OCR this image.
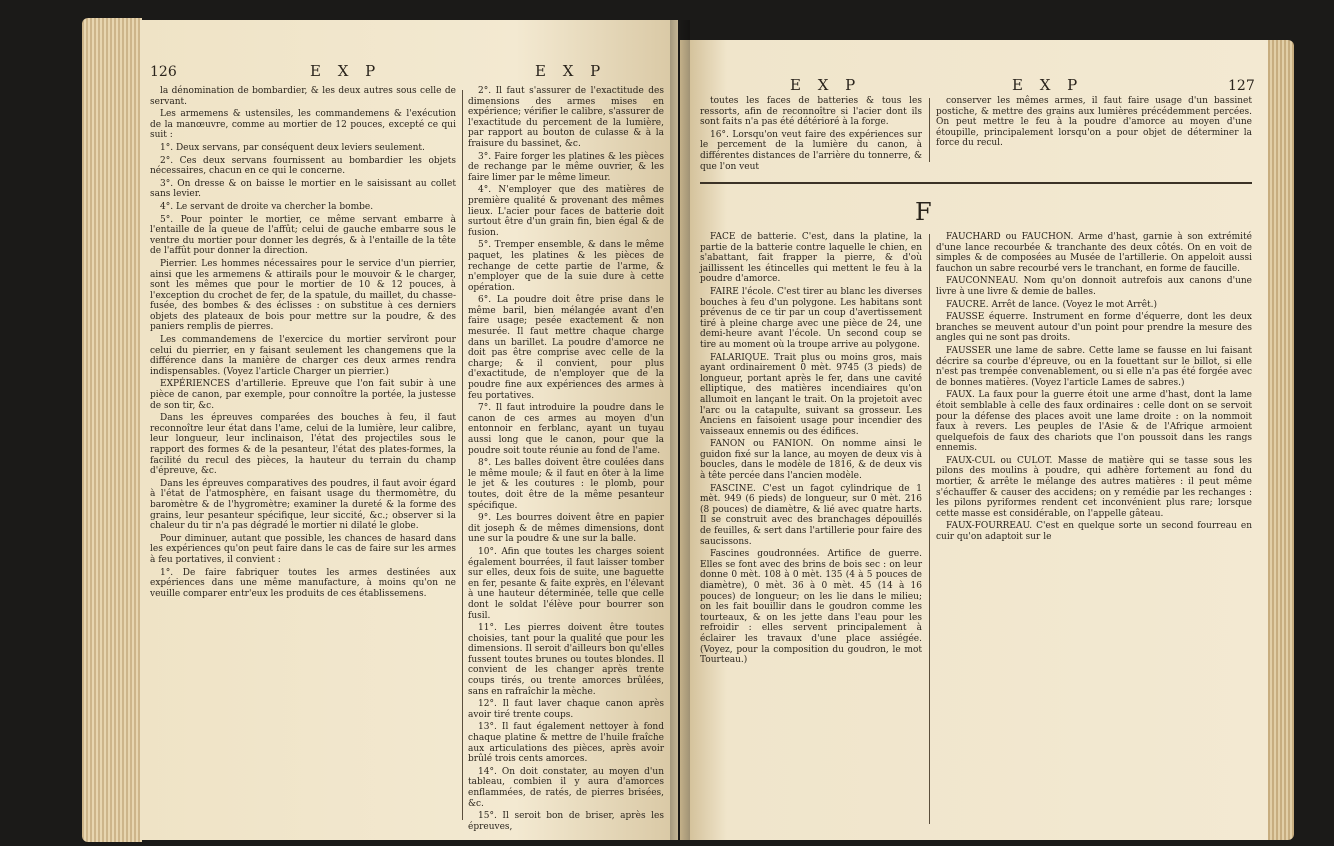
126	E X P	E X P

la dénomination de bombardier, & les deux autres sous celle de servant.

Les armemens & ustensiles, les commandemens & l'exécution de la manœuvre, comme au mortier de 12 pouces, excepté ce qui suit :

1°. Deux servans, par conséquent deux leviers seulement.

2°. Ces deux servans fournissent au bombardier les objets nécessaires, chacun en ce qui le concerne.

3°. On dresse & on baisse le mortier en le saisissant au collet sans levier.

4°. Le servant de droite va chercher la bombe.

5°. Pour pointer le mortier, ce même servant embarre à l'entaille de la queue de l'affût; celui de gauche embarre sous le ventre du mortier pour donner les degrés, & à l'entaille de la tête de l'affût pour donner la direction.

Pierrier. Les hommes nécessaires pour le service d'un pierrier, ainsi que les armemens & attirails pour le mouvoir & le charger, sont les mêmes que pour le mortier de 10 & 12 pouces, à l'exception du crochet de fer, de la spatule, du maillet, du chasse-fusée, des bombes & des éclisses : on substitue à ces derniers objets des plateaux de bois pour mettre sur la poudre, & des paniers remplis de pierres.

Les commandemens de l'exercice du mortier servîront pour celui du pierrier, en y faisant seulement les changemens que la différence dans la manière de charger ces deux armes rendra indispensables. (Voyez l'article Charger un pierrier.)

EXPÉRIENCES d'artillerie. Epreuve que l'on fait subir à une pièce de canon, par exemple, pour connoître la portée, la justesse de son tir, &c.

Dans les épreuves comparées des bouches à feu, il faut reconnoître leur état dans l'ame, celui de la lumière, leur calibre, leur longueur, leur inclinaison, l'état des projectiles sous le rapport des formes & de la pesanteur, l'état des plates-formes, la facilité du recul des pièces, la hauteur du terrain du champ d'épreuve, &c.

Dans les épreuves comparatives des poudres, il faut avoir égard à l'état de l'atmosphère, en faisant usage du thermomètre, du baromètre & de l'hygromètre; examiner la dureté & la forme des grains, leur pesanteur spécifique, leur siccité, &c.; observer si la chaleur du tir n'a pas dégradé le mortier ni dilaté le globe.

Pour diminuer, autant que possible, les chances de hasard dans les expériences qu'on peut faire dans le cas de faire sur les armes à feu portatives, il convient :

1°. De faire fabriquer toutes les armes destinées aux expériences dans une même manufacture, à moins qu'on ne veuille comparer entr'eux les produits de ces établissemens.

2°. Il faut s'assurer de l'exactitude des dimensions des armes mises en expérience; vérifier le calibre, s'assurer de l'exactitude du percement de la lumière, par rapport au bouton de culasse & à la fraisure du bassinet, &c.

3°. Faire forger les platines & les pièces de rechange par le même ouvrier, & les faire limer par le même limeur.

4°. N'employer que des matières de première qualité & provenant des mêmes lieux. L'acier pour faces de batterie doit surtout être d'un grain fin, bien égal & de fusion.

5°. Tremper ensemble, & dans le même paquet, les platines & les pièces de rechange de cette partie de l'arme, & n'employer que de la suie dure à cette opération.

6°. La poudre doit être prise dans le même baril, bien mélangée avant d'en faire usage; pesée exactement & non mesurée. Il faut mettre chaque charge dans un barillet. La poudre d'amorce ne doit pas être comprise avec celle de la charge; & il convient, pour plus d'exactitude, de n'employer que de la poudre fine aux expériences des armes à feu portatives.

7°. Il faut introduire la poudre dans le canon de ces armes au moyen d'un entonnoir en ferblanc, ayant un tuyau aussi long que le canon, pour que la poudre soit toute réunie au fond de l'ame.

8°. Les balles doivent être coulées dans le même moule; & il faut en ôter à la lime le jet & les coutures : le plomb, pour toutes, doit être de la même pesanteur spécifique.

9°. Les bourres doivent être en papier dit joseph & de mêmes dimensions, dont une sur la poudre & une sur la balle.

10°. Afin que toutes les charges soient également bourrées, il faut laisser tomber sur elles, deux fois de suite, une baguette en fer, pesante & faite exprès, en l'élevant à une hauteur déterminée, telle que celle dont le soldat l'élève pour bourrer son fusil.

11°. Les pierres doivent être toutes choisies, tant pour la qualité que pour les dimensions. Il seroit d'ailleurs bon qu'elles fussent toutes brunes ou toutes blondes. Il convient de les changer après trente coups tirés, ou trente amorces brûlées, sans en rafraîchir la mèche.

12°. Il faut laver chaque canon après avoir tiré trente coups.

13°. Il faut également nettoyer à fond chaque platine & mettre de l'huile fraîche aux articulations des pièces, après avoir brûlé trois cents amorces.

14°. On doit constater, au moyen d'un tableau, combien il y aura d'amorces enflammées, de ratés, de pierres brisées, &c.

15°. Il seroit bon de briser, après les épreuves,

E X P	E X P	127

toutes les faces de batteries & tous les ressorts, afin de reconnoître si l'acier dont ils sont faits n'a pas été détérioré à la forge.

16°. Lorsqu'on veut faire des expériences sur le percement de la lumière du canon, à différentes distances de l'arrière du tonnerre, & que l'on veut

conserver les mêmes armes, il faut faire usage d'un bassinet postiche, & mettre des grains aux lumières précédemment percées. On peut mettre le feu à la poudre d'amorce au moyen d'une étoupille, principalement lorsqu'on a pour objet de déterminer la force du recul.

F

FACE de batterie. C'est, dans la platine, la partie de la batterie contre laquelle le chien, en s'abattant, fait frapper la pierre, & d'où jaillissent les étincelles qui mettent le feu à la poudre d'amorce.

FAIRE l'école. C'est tirer au blanc les diverses bouches à feu d'un polygone. Les habitans sont prévenus de ce tir par un coup d'avertissement tiré à pleine charge avec une pièce de 24, une demi-heure avant l'école. Un second coup se tire au moment où la troupe arrive au polygone.

FALARIQUE. Trait plus ou moins gros, mais ayant ordinairement 0 mèt. 9745 (3 pieds) de longueur, portant après le fer, dans une cavité elliptique, des matières incendiaires qu'on allumoit en lançant le trait. On la projetoit avec l'arc ou la catapulte, suivant sa grosseur. Les Anciens en faisoient usage pour incendier des vaisseaux ennemis ou des édifices.

FANON ou FANION. On nomme ainsi le guidon fixé sur la lance, au moyen de deux vis à boucles, dans le modèle de 1816, & de deux vis à tête percée dans l'ancien modèle.

FASCINE. C'est un fagot cylindrique de 1 mèt. 949 (6 pieds) de longueur, sur 0 mèt. 216 (8 pouces) de diamètre, & lié avec quatre harts. Il se construit avec des branchages dépouillés de feuilles, & sert dans l'artillerie pour faire des saucissons.

Fascines goudronnées. Artifice de guerre. Elles se font avec des brins de bois sec : on leur donne 0 mèt. 108 à 0 mèt. 135 (4 à 5 pouces de diamètre), 0 mèt. 36 à 0 mèt. 45 (14 à 16 pouces) de longueur; on les lie dans le milieu; on les fait bouillir dans le goudron comme les tourteaux, & on les jette dans l'eau pour les refroidir : elles servent principalement à éclairer les travaux d'une place assiégée. (Voyez, pour la composition du goudron, le mot Tourteau.)

FAUCHARD ou FAUCHON. Arme d'hast, garnie à son extrémité d'une lance recourbée & tranchante des deux côtés. On en voit de simples & de composées au Musée de l'artillerie. On appeloit aussi fauchon un sabre recourbé vers le tranchant, en forme de faucille.

FAUCONNEAU. Nom qu'on donnoit autrefois aux canons d'une livre à une livre & demie de balles.

FAUCRE. Arrêt de lance. (Voyez le mot Arrêt.)

FAUSSE équerre. Instrument en forme d'équerre, dont les deux branches se meuvent autour d'un point pour prendre la mesure des angles qui ne sont pas droits.

FAUSSER une lame de sabre. Cette lame se fausse en lui faisant décrire sa courbe d'épreuve, ou en la fouettant sur le billot, si elle n'est pas trempée convenablement, ou si elle n'a pas été forgée avec de bonnes matières. (Voyez l'article Lames de sabres.)

FAUX. La faux pour la guerre étoit une arme d'hast, dont la lame étoit semblable à celle des faux ordinaires : celle dont on se servoit pour la défense des places avoit une lame droite : on la nommoit faux à revers. Les peuples de l'Asie & de l'Afrique armoient quelquefois de faux des chariots que l'on poussoit dans les rangs ennemis.

FAUX-CUL ou CULOT. Masse de matière qui se tasse sous les pilons des moulins à poudre, qui adhère fortement au fond du mortier, & arrête le mélange des autres matières : il peut même s'échauffer & causer des accidens; on y remédie par les rechanges : les pilons pyriformes rendent cet inconvénient plus rare; lorsque cette masse est considérable, on l'appelle gâteau.

FAUX-FOURREAU. C'est en quelque sorte un second fourreau en cuir qu'on adaptoit sur le
